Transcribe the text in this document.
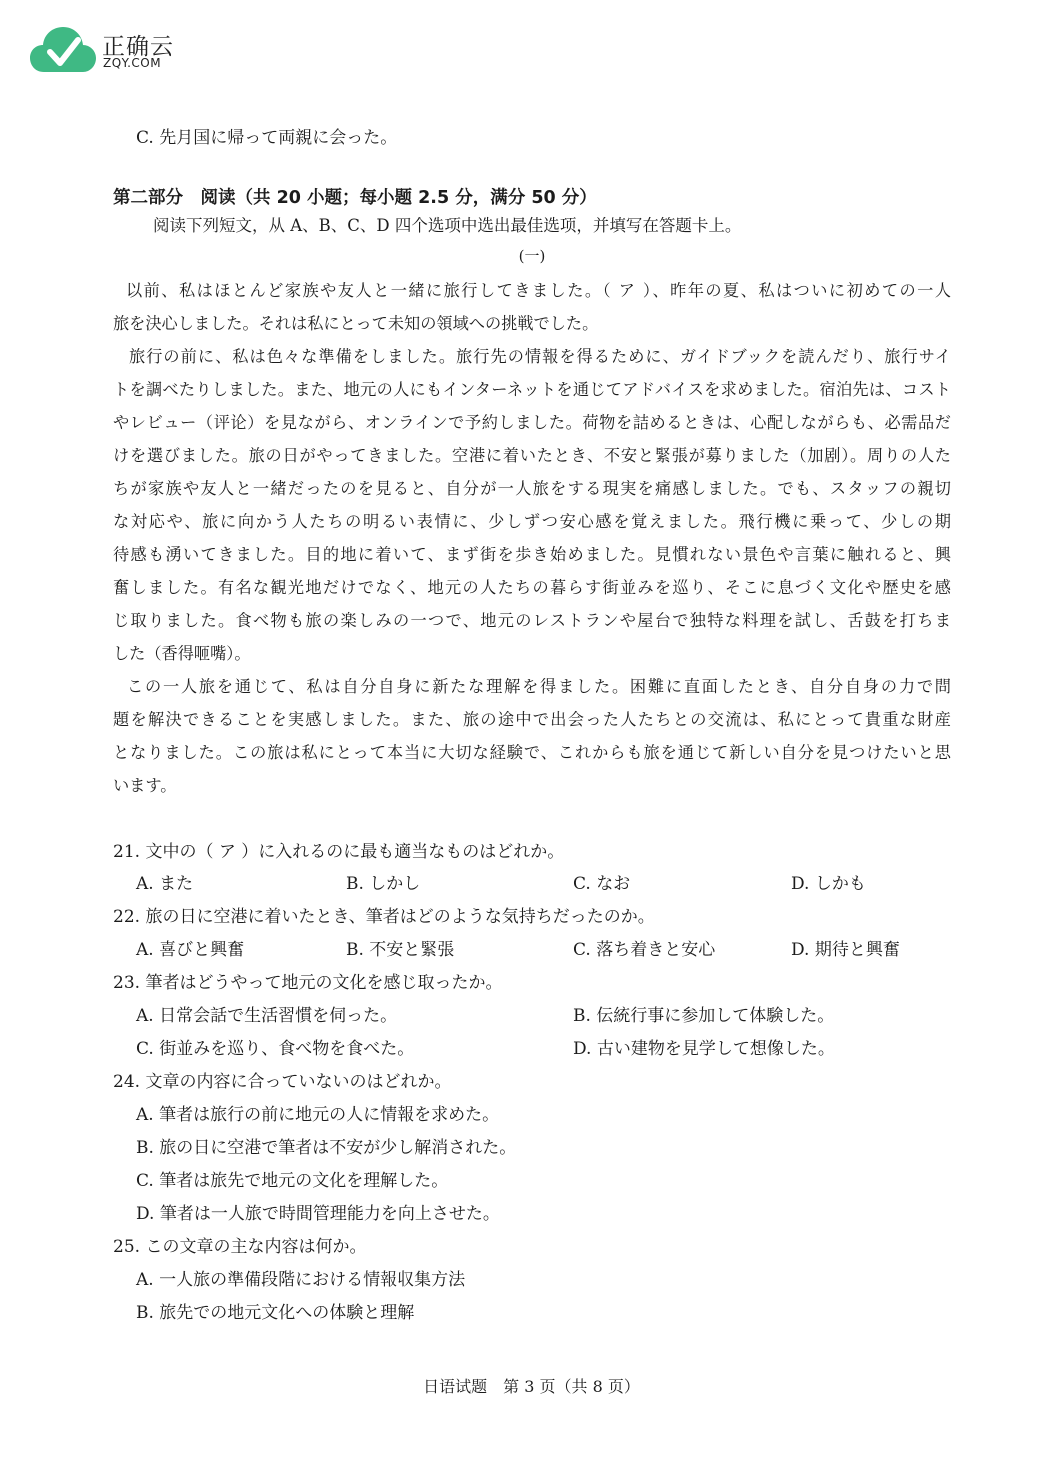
正确云
ZQY.COM
C. 先月国に帰って両親に会った。
第二部分　阅读（共 20 小题；每小题 2.5 分，满分 50 分）
阅读下列短文，从 A、B、C、D 四个选项中选出最佳选项，并填写在答题卡上。
(一)
以前、私はほとんど家族や友人と一緒に旅行してきました。（ ア ）、昨年の夏、私はついに初めての一人
旅を決心しました。それは私にとって未知の領域への挑戦でした。
旅行の前に、私は色々な準備をしました。旅行先の情報を得るために、ガイドブックを読んだり、旅行サイ
トを調べたりしました。また、地元の人にもインターネットを通じてアドバイスを求めました。宿泊先は、コスト
やレビュー（评论）を見ながら、オンラインで予約しました。荷物を詰めるときは、心配しながらも、必需品だ
けを選びました。旅の日がやってきました。空港に着いたとき、不安と緊張が募りました（加剧）。周りの人た
ちが家族や友人と一緒だったのを見ると、自分が一人旅をする現実を痛感しました。でも、スタッフの親切
な対応や、旅に向かう人たちの明るい表情に、少しずつ安心感を覚えました。飛行機に乗って、少しの期
待感も湧いてきました。目的地に着いて、まず街を歩き始めました。見慣れない景色や言葉に触れると、興
奮しました。有名な観光地だけでなく、地元の人たちの暮らす街並みを巡り、そこに息づく文化や歴史を感
じ取りました。食べ物も旅の楽しみの一つで、地元のレストランや屋台で独特な料理を試し、舌鼓を打ちま
した（香得咂嘴）。
この一人旅を通じて、私は自分自身に新たな理解を得ました。困難に直面したとき、自分自身の力で問
題を解決できることを実感しました。また、旅の途中で出会った人たちとの交流は、私にとって貴重な財産
となりました。この旅は私にとって本当に大切な経験で、これからも旅を通じて新しい自分を見つけたいと思
います。
21. 文中の（ ア ）に入れるのに最も適当なものはどれか。
A. また	B. しかし	C. なお	D. しかも
22. 旅の日に空港に着いたとき、筆者はどのような気持ちだったのか。
A. 喜びと興奮	B. 不安と緊張	C. 落ち着きと安心	D. 期待と興奮
23. 筆者はどうやって地元の文化を感じ取ったか。
A. 日常会話で生活習慣を伺った。	B. 伝統行事に参加して体験した。
C. 街並みを巡り、食べ物を食べた。	D. 古い建物を見学して想像した。
24. 文章の内容に合っていないのはどれか。
A. 筆者は旅行の前に地元の人に情報を求めた。
B. 旅の日に空港で筆者は不安が少し解消された。
C. 筆者は旅先で地元の文化を理解した。
D. 筆者は一人旅で時間管理能力を向上させた。
25. この文章の主な内容は何か。
A. 一人旅の準備段階における情報収集方法
B. 旅先での地元文化への体験と理解
日语试题　第 3 页（共 8 页）
